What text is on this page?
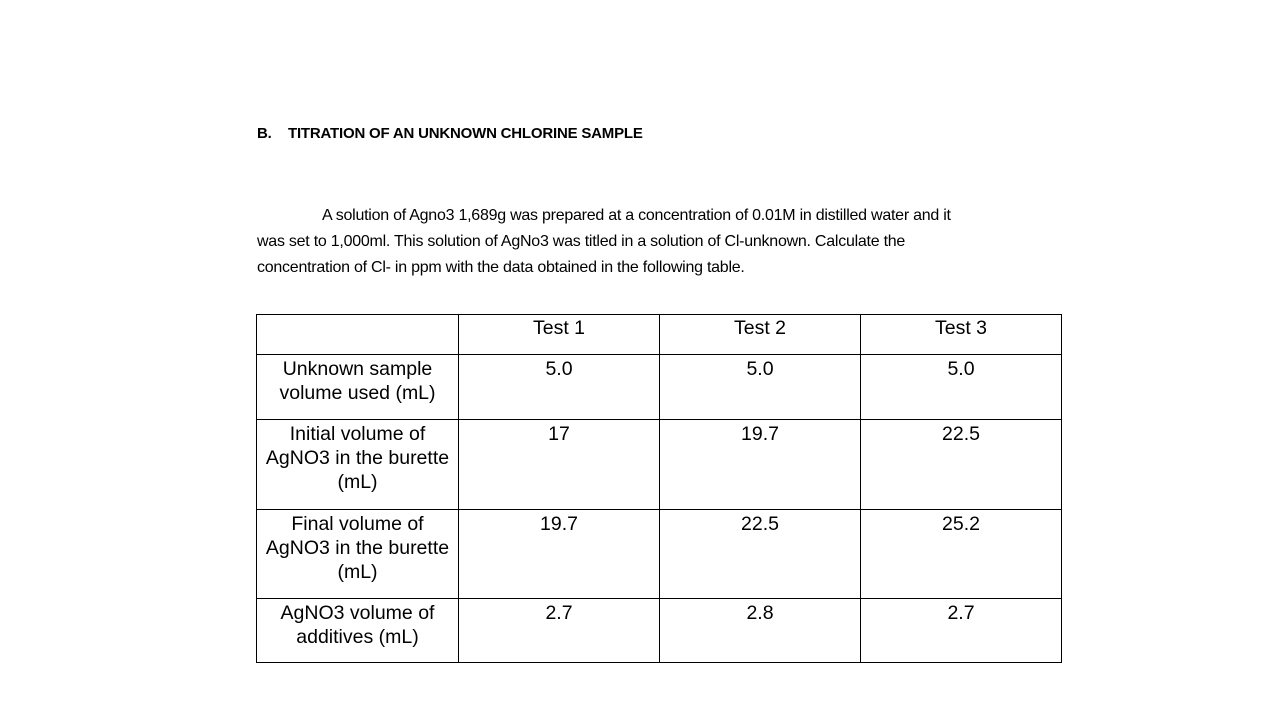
B. TITRATION OF AN UNKNOWN CHLORINE SAMPLE
A solution of Agno3 1,689g was prepared at a concentration of 0.01M in distilled water and it
was set to 1,000ml. This solution of AgNo3 was titled in a solution of Cl-unknown. Calculate the
concentration of Cl- in ppm with the data obtained in the following table.
	Test 1	Test 2	Test 3
Unknown sample volume used (mL)	5.0	5.0	5.0
Initial volume of AgNO3 in the burette (mL)	17	19.7	22.5
Final volume of AgNO3 in the burette (mL)	19.7	22.5	25.2
AgNO3 volume of additives (mL)	2.7	2.8	2.7
